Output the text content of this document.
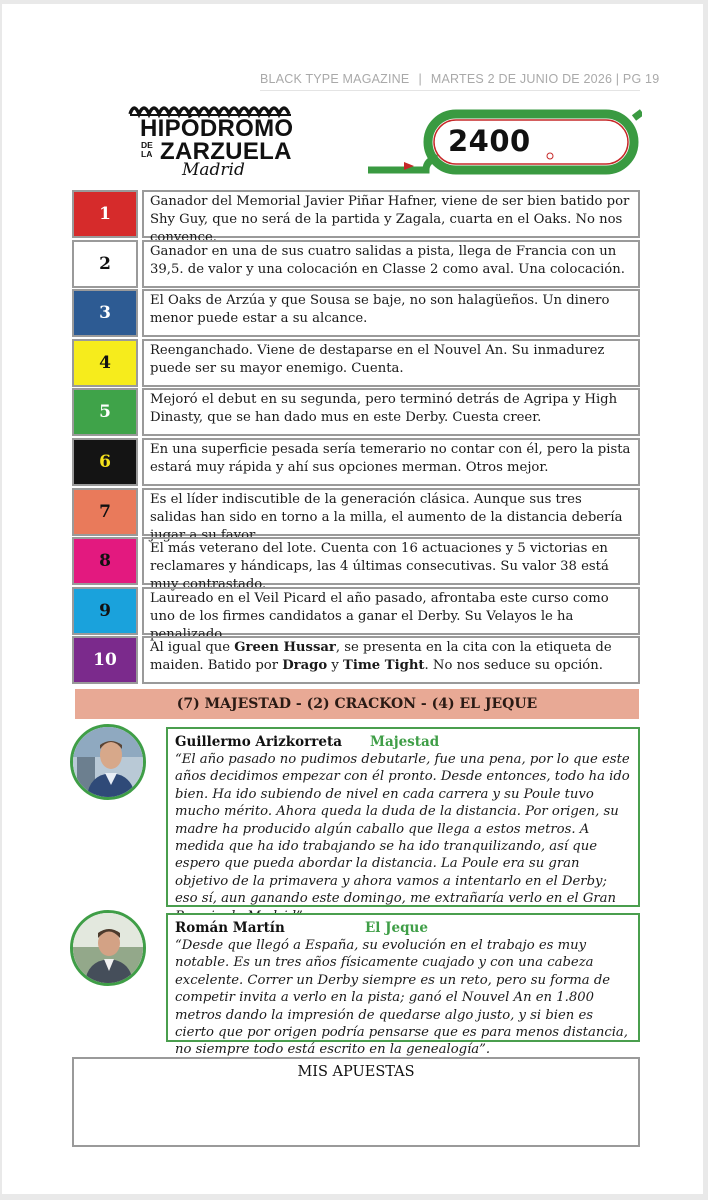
BLACK TYPE MAGAZINE | MARTES 2 DE JUNIO DE 2026 | PG 19
HIPÓDROMO
DE
LA ZARZUELA
Madrid
2400
1
Ganador del Memorial Javier Piñar Hafner, viene de ser bien batido por Shy Guy, que no será de la partida y Zagala, cuarta en el Oaks. No nos convence.
2
Ganador en una de sus cuatro salidas a pista, llega de Francia con un 39,5. de valor y una colocación en Classe 2 como aval. Una colocación.
3
El Oaks de Arzúa y que Sousa se baje, no son halagüeños. Un dinero menor puede estar a su alcance.
4
Reenganchado. Viene de destaparse en el Nouvel An. Su inmadurez puede ser su mayor enemigo. Cuenta.
5
Mejoró el debut en su segunda, pero terminó detrás de Agripa y High Dinasty, que se han dado mus en este Derby. Cuesta creer.
6
En una superficie pesada sería temerario no contar con él, pero la pista estará muy rápida y ahí sus opciones merman. Otros mejor.
7
Es el líder indiscutible de la generación clásica. Aunque sus tres salidas han sido en torno a la milla, el aumento de la distancia debería jugar a su favor.
8
El más veterano del lote. Cuenta con 16 actuaciones y 5 victorias en reclamares y hándicaps, las 4 últimas consecutivas. Su valor 38 está muy contrastado.
9
Laureado en el Veil Picard el año pasado, afrontaba este curso como uno de los firmes candidatos a ganar el Derby. Su Velayos le ha penalizado.
10
Al igual que Green Hussar, se presenta en la cita con la etiqueta de maiden. Batido por Drago y Time Tight. No nos seduce su opción.
(7) MAJESTAD - (2) CRACKON - (4) EL JEQUE
Guillermo Arizkorreta Majestad
“El año pasado no pudimos debutarle, fue una pena, por lo que este años decidimos empezar con él pronto. Desde entonces, todo ha ido bien. Ha ido subiendo de nivel en cada carrera y su Poule tuvo mucho mérito. Ahora queda la duda de la distancia. Por origen, su madre ha producido algún caballo que llega a estos metros. A medida que ha ido trabajando se ha ido tranquilizando, así que espero que pueda abordar la distancia. La Poule era su gran objetivo de la primavera y ahora vamos a intentarlo en el Derby; eso sí, aun ganando este domingo, me extrañaría verlo en el Gran
Román Martín	El Jeque
“Desde que llegó a España, su evolución en el trabajo es muy notable. Es un tres años físicamente cuajado y con una cabeza excelente. Correr un Derby siempre es un reto, pero su forma de competir invita a verlo en la pista; ganó el Nouvel An en 1.800 metros dando la impresión de quedarse algo justo, y si bien es cierto que por origen podría pensarse que es para menos distancia, no siempre todo está escrito en la genealogía”.
MIS APUESTAS
